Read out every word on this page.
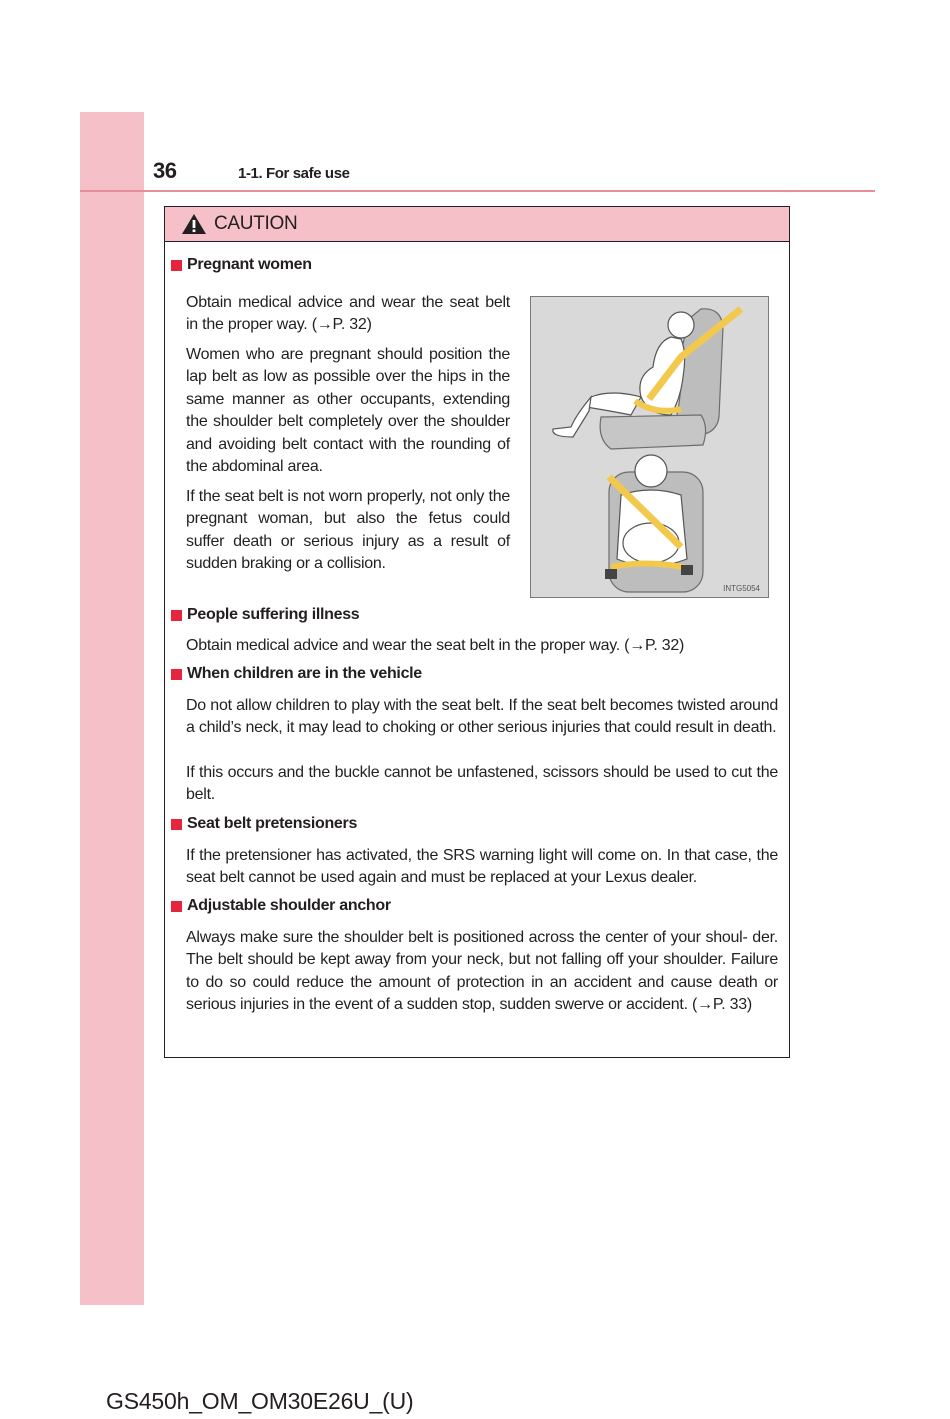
36	1-1. For safe use
CAUTION
Pregnant women

Obtain medical advice and wear the seat belt in the proper way. (→P. 32)

Women who are pregnant should position the lap belt as low as possible over the hips in the same manner as other occupants, extending the shoulder belt completely over the shoulder and avoiding belt contact with the rounding of the abdominal area.

If the seat belt is not worn properly, not only the pregnant woman, but also the fetus could suffer death or serious injury as a result of sudden braking or a collision.

INTG5054
People suffering illness

Obtain medical advice and wear the seat belt in the proper way. (→P. 32)

When children are in the vehicle

Do not allow children to play with the seat belt. If the seat belt becomes twisted around a child’s neck, it may lead to choking or other serious injuries that could result in death.

If this occurs and the buckle cannot be unfastened, scissors should be used to cut the belt.

Seat belt pretensioners

If the pretensioner has activated, the SRS warning light will come on. In that case, the seat belt cannot be used again and must be replaced at your Lexus dealer.

Adjustable shoulder anchor

Always make sure the shoulder belt is positioned across the center of your shoul- der. The belt should be kept away from your neck, but not falling off your shoulder. Failure to do so could reduce the amount of protection in an accident and cause death or serious injuries in the event of a sudden stop, sudden swerve or accident. (→P. 33)

GS450h_OM_OM30E26U_(U)
